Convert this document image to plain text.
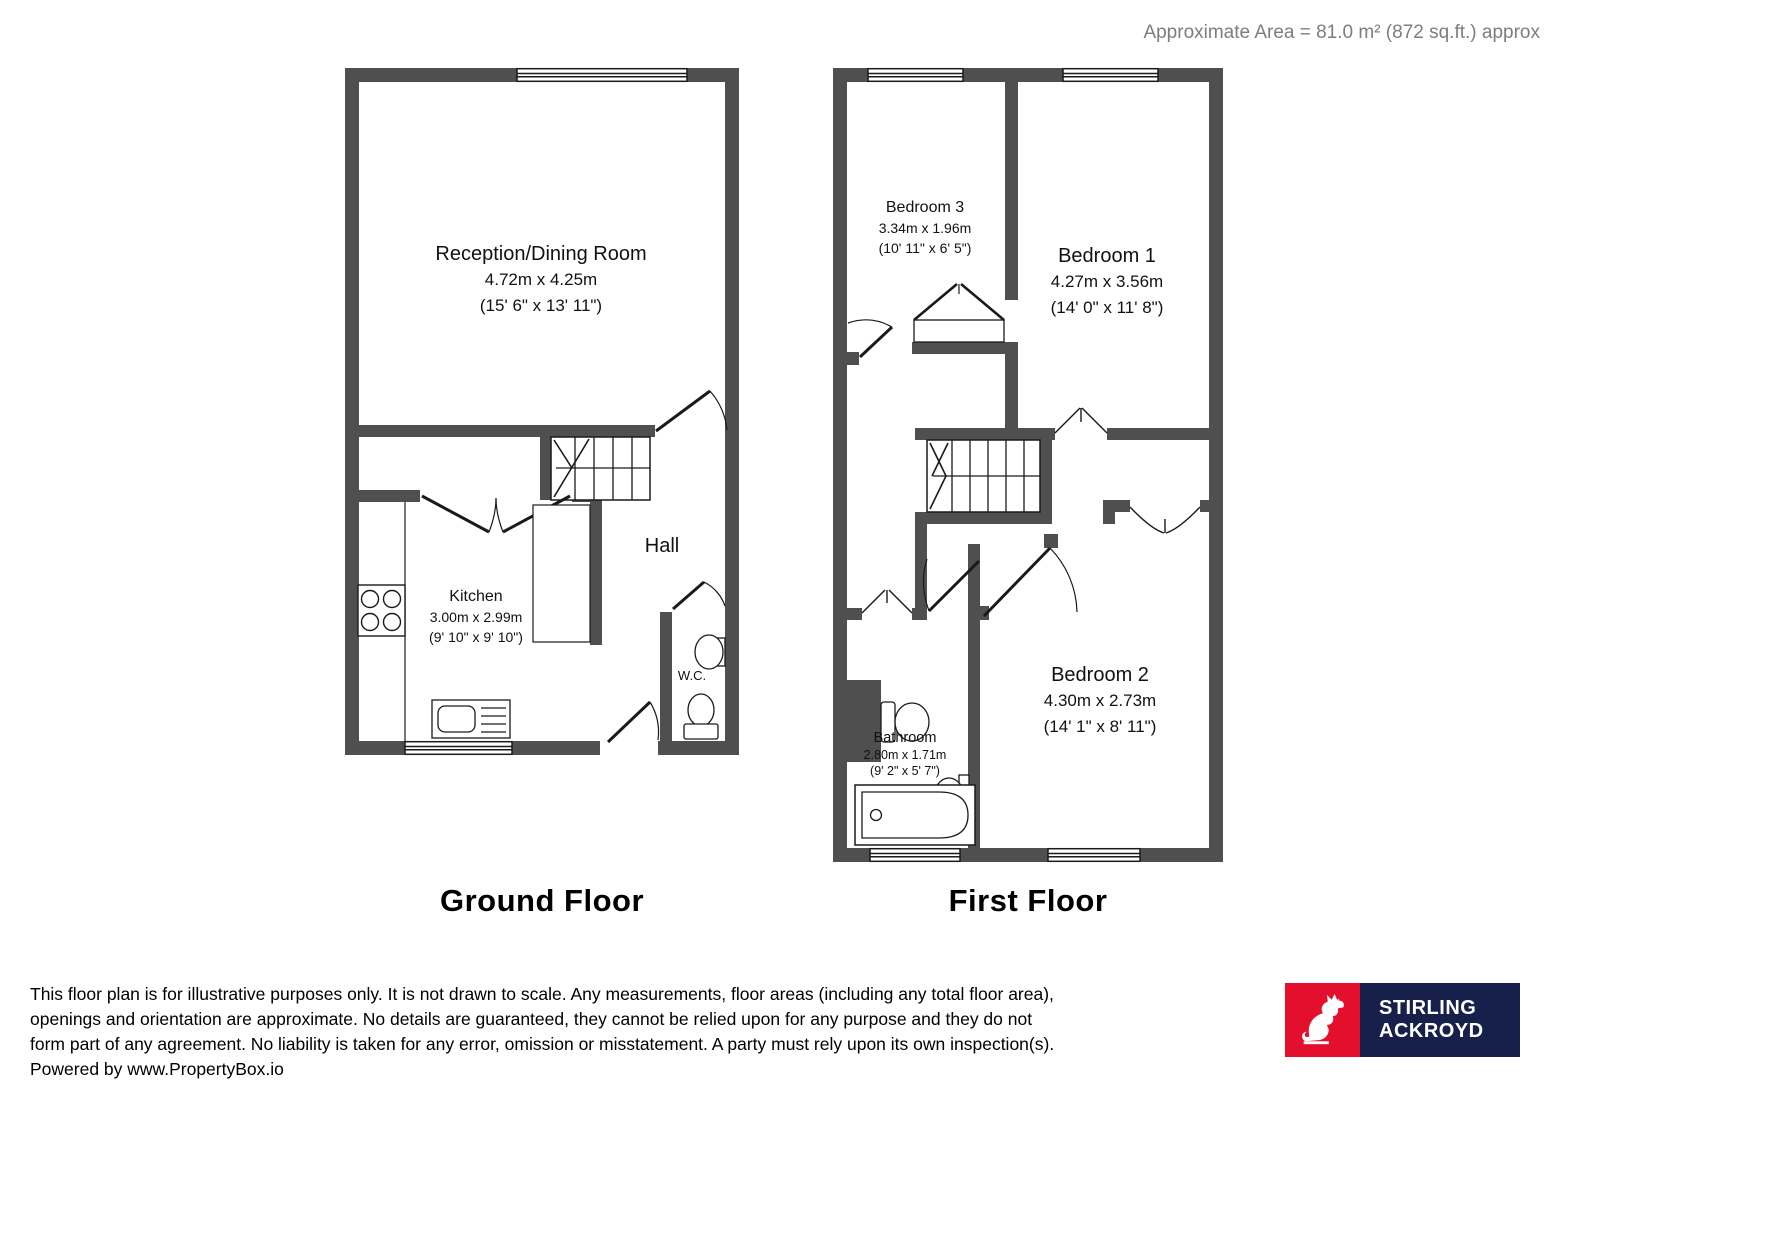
Approximate Area = 81.0 m² (872 sq.ft.) approx
Reception/Dining Room
4.72m x 4.25m
(15' 6" x 13' 11")
Kitchen
3.00m x 2.99m
(9' 10" x 9' 10")
Hall
W.C.
Bedroom 3
3.34m x 1.96m
(10' 11" x 6' 5")	Bedroom 1
4.27m x 3.56m
(14' 0" x 11' 8")
Bedroom 2
4.30m x 2.73m
(14' 1" x 8' 11")
Bathroom
2.80m x 1.71m
(9' 2" x 5' 7")
Ground Floor	First Floor
This floor plan is for illustrative purposes only. It is not drawn to scale. Any measurements, floor areas (including any total floor area),
openings and orientation are approximate. No details are guaranteed, they cannot be relied upon for any purpose and they do not
form part of any agreement. No liability is taken for any error, omission or misstatement. A party must rely upon its own inspection(s).
Powered by www.PropertyBox.io
STIRLING
ACKROYD
